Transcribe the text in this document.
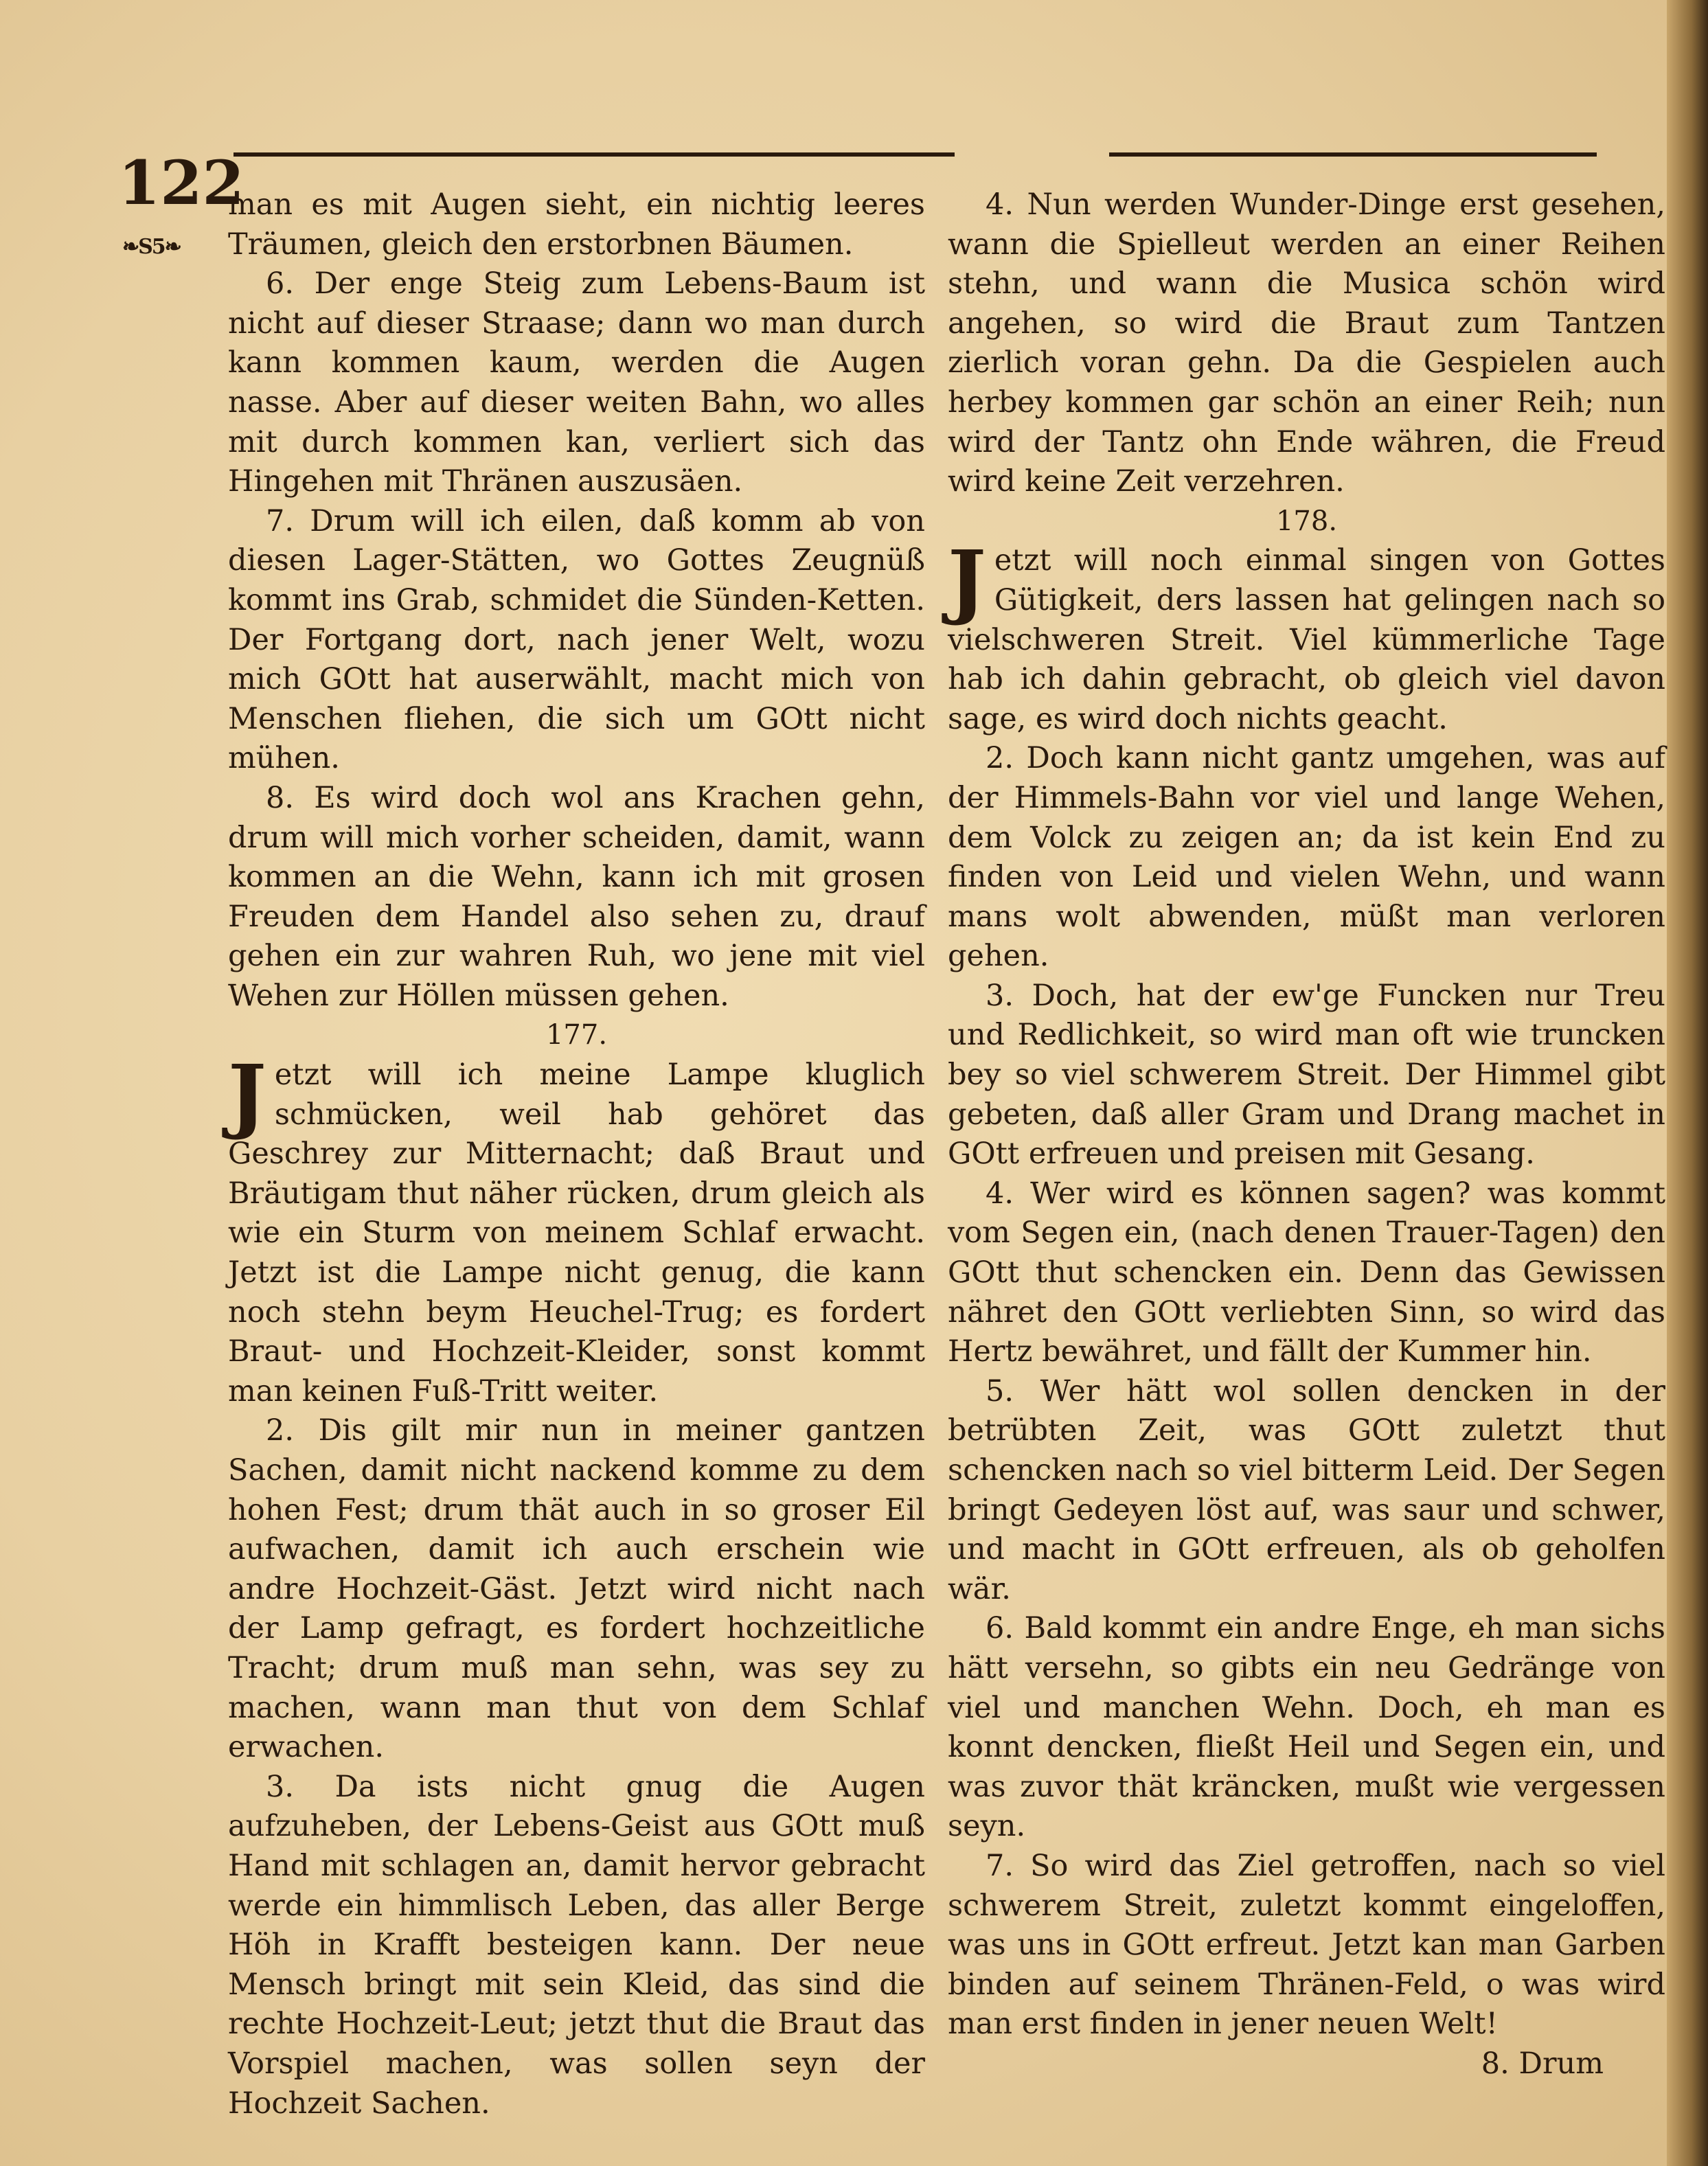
122
❧S5❧

man es mit Augen sieht, ein nichtig leeres Träumen, gleich den erstorbnen Bäumen.

6. Der enge Steig zum Lebens-Baum ist nicht auf dieser Straase; dann wo man durch kann kommen kaum, werden die Augen nasse. Aber auf dieser weiten Bahn, wo alles mit durch kommen kan, verliert sich das Hingehen mit Thränen auszusäen.

7. Drum will ich eilen, daß komm ab von diesen Lager-Stätten, wo Gottes Zeugnüß kommt ins Grab, schmidet die Sünden-Ketten. Der Fortgang dort, nach jener Welt, wozu mich GOtt hat auserwählt, macht mich von Menschen fliehen, die sich um GOtt nicht mühen.

8. Es wird doch wol ans Krachen gehn, drum will mich vorher scheiden, damit, wann kommen an die Wehn, kann ich mit grosen Freuden dem Handel also sehen zu, drauf gehen ein zur wahren Ruh, wo jene mit viel Wehen zur Höllen müssen gehen.

177.

Jetzt will ich meine Lampe kluglich schmücken, weil hab gehöret das Geschrey zur Mitternacht; daß Braut und Bräutigam thut näher rücken, drum gleich als wie ein Sturm von meinem Schlaf erwacht. Jetzt ist die Lampe nicht genug, die kann noch stehn beym Heuchel-Trug; es fordert Braut- und Hochzeit-Kleider, sonst kommt man keinen Fuß-Tritt weiter.

2. Dis gilt mir nun in meiner gantzen Sachen, damit nicht nackend komme zu dem hohen Fest; drum thät auch in so groser Eil aufwachen, damit ich auch erschein wie andre Hochzeit-Gäst. Jetzt wird nicht nach der Lamp gefragt, es fordert hochzeitliche Tracht; drum muß man sehn, was sey zu machen, wann man thut von dem Schlaf erwachen.

3. Da ists nicht gnug die Augen aufzuheben, der Lebens-Geist aus GOtt muß Hand mit schlagen an, damit hervor gebracht werde ein himmlisch Leben, das aller Berge Höh in Krafft besteigen kann. Der neue Mensch bringt mit sein Kleid, das sind die rechte Hochzeit-Leut; jetzt thut die Braut das Vorspiel machen, was sollen seyn der Hochzeit Sachen.

4. Nun werden Wunder-Dinge erst gesehen, wann die Spielleut werden an einer Reihen stehn, und wann die Musica schön wird angehen, so wird die Braut zum Tantzen zierlich voran gehn. Da die Gespielen auch herbey kommen gar schön an einer Reih; nun wird der Tantz ohn Ende währen, die Freud wird keine Zeit verzehren.

178.

Jetzt will noch einmal singen von Gottes Gütigkeit, ders lassen hat gelingen nach so vielschweren Streit. Viel kümmerliche Tage hab ich dahin gebracht, ob gleich viel davon sage, es wird doch nichts geacht.

2. Doch kann nicht gantz umgehen, was auf der Himmels-Bahn vor viel und lange Wehen, dem Volck zu zeigen an; da ist kein End zu finden von Leid und vielen Wehn, und wann mans wolt abwenden, müßt man verloren gehen.

3. Doch, hat der ew'ge Funcken nur Treu und Redlichkeit, so wird man oft wie truncken bey so viel schwerem Streit. Der Himmel gibt gebeten, daß aller Gram und Drang machet in GOtt erfreuen und preisen mit Gesang.

4. Wer wird es können sagen? was kommt vom Segen ein, (nach denen Trauer-Tagen) den GOtt thut schencken ein. Denn das Gewissen nähret den GOtt verliebten Sinn, so wird das Hertz bewähret, und fällt der Kummer hin.

5. Wer hätt wol sollen dencken in der betrübten Zeit, was GOtt zuletzt thut schencken nach so viel bitterm Leid. Der Segen bringt Gedeyen löst auf, was saur und schwer, und macht in GOtt erfreuen, als ob geholfen wär.

6. Bald kommt ein andre Enge, eh man sichs hätt versehn, so gibts ein neu Gedränge von viel und manchen Wehn. Doch, eh man es konnt dencken, fließt Heil und Segen ein, und was zuvor thät kräncken, mußt wie vergessen seyn.

7. So wird das Ziel getroffen, nach so viel schwerem Streit, zuletzt kommt eingeloffen, was uns in GOtt erfreut. Jetzt kan man Garben binden auf seinem Thränen-Feld, o was wird man erst finden in jener neuen Welt!

8. Drum
